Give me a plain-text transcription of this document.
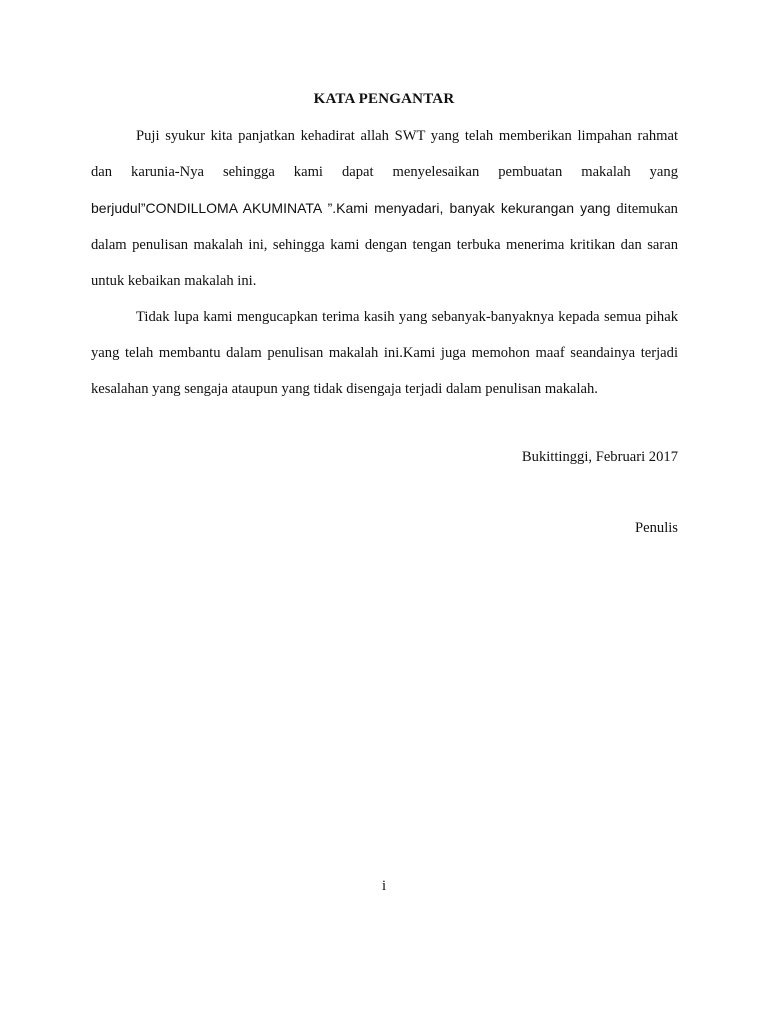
KATA PENGANTAR

Puji syukur kita panjatkan kehadirat allah SWT yang telah memberikan limpahan rahmat dan karunia-Nya sehingga kami dapat menyelesaikan pembuatan makalah yang berjudul”CONDILLOMA AKUMINATA ”.Kami menyadari, banyak kekurangan yang ditemukan dalam penulisan makalah ini, sehingga kami dengan tengan terbuka menerima kritikan dan saran untuk kebaikan makalah ini.

Tidak lupa kami mengucapkan terima kasih yang sebanyak-banyaknya kepada semua pihak yang telah membantu dalam penulisan makalah ini.Kami juga memohon maaf seandainya terjadi kesalahan yang sengaja ataupun yang tidak disengaja terjadi dalam penulisan makalah.

Bukittinggi, Februari 2017
Penulis
i
